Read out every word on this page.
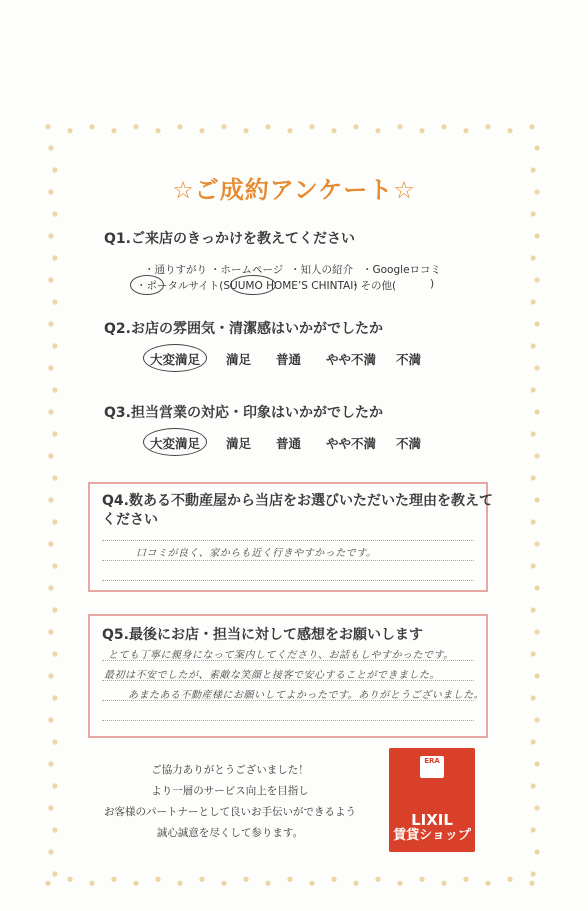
☆ご成約アンケート☆
Q1.ご来店のきっかけを教えてください
・通りすがり ・ホームページ ・知人の紹介 ・Googleロコミ
・ポータルサイト(SUUMO HOME’S CHINTAI)
・その他(	)
Q2.お店の雰囲気・清潔感はいかがでしたか
大変満足 満足 普通 やや不満 不満
Q3.担当営業の対応・印象はいかがでしたか
大変満足 満足 普通 やや不満 不満
Q4.数ある不動産屋から当店をお選びいただいた理由を教えて
ください
口コミが良く、家からも近く行きやすかったです。
Q5.最後にお店・担当に対して感想をお願いします
とても丁寧に親身になって案内してくださり、お話もしやすかったです。
最初は不安でしたが、素敵な笑顔と接客で安心することができました。
あまたある不動産様にお願いしてよかったです。ありがとうございました。
ご協力ありがとうございました！
より一層のサービス向上を目指し
お客様のパートナーとして良いお手伝いができるよう
誠心誠意を尽くして参ります。
ERA
LIXIL
賃貸ショップ
